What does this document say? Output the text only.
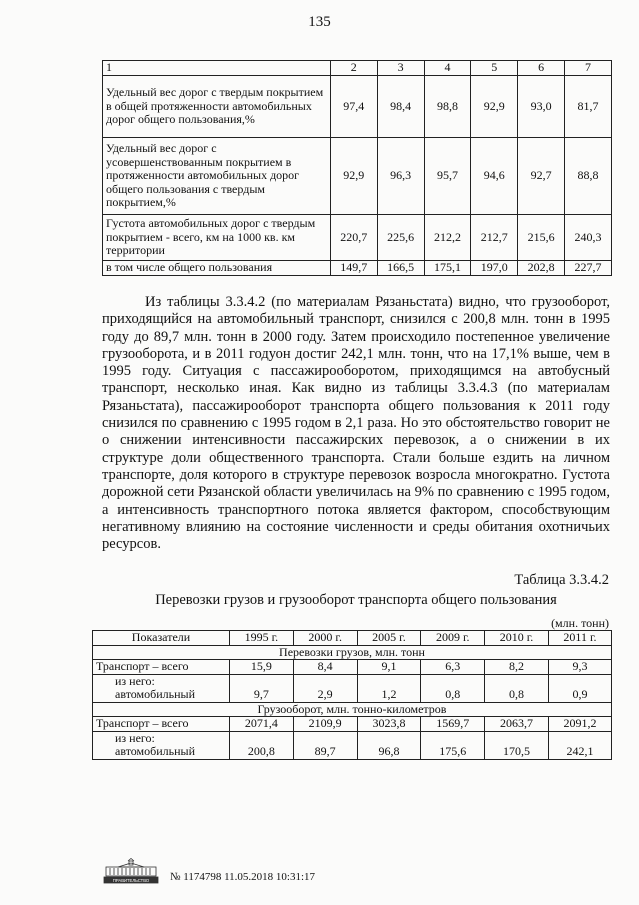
135
1	2	3	4	5	6	7
Удельный вес дорог с твердым покрытием в общей протяженности автомобильных дорог общего пользования,%	97,4	98,4	98,8	92,9	93,0	81,7
Удельный вес дорог с усовершенствованным покрытием в протяженности автомобильных дорог общего пользования с твердым покрытием,%	92,9	96,3	95,7	94,6	92,7	88,8
Густота автомобильных дорог с твердым покрытием - всего, км на 1000 кв. км территории	220,7	225,6	212,2	212,7	215,6	240,3
в том числе общего пользования	149,7	166,5	175,1	197,0	202,8	227,7

Из таблицы 3.3.4.2 (по материалам Рязаньстата) видно, что грузооборот, приходящийся на автомобильный транспорт, снизился с 200,8 млн. тонн в 1995 году до 89,7 млн. тонн в 2000 году. Затем происходило постепенное увеличение грузооборота, и в 2011 годуон достиг 242,1 млн. тонн, что на 17,1% выше, чем в 1995 году. Ситуация с пассажирооборотом, приходящимся на автобусный транспорт, несколько иная. Как видно из таблицы 3.3.4.3 (по материалам Рязаньстата), пассажирооборот транспорта общего пользования к 2011 году снизился по сравнению с 1995 годом в 2,1 раза. Но это обстоятельство говорит не о снижении интенсивности пассажирских перевозок, а о снижении в их структуре доли общественного транспорта. Стали больше ездить на личном транспорте, доля которого в структуре перевозок возросла многократно. Густота дорожной сети Рязанской области увеличилась на 9% по сравнению с 1995 годом, а интенсивность транспортного потока является фактором, способствующим негативному влиянию на состояние численности и среды обитания охотничьих ресурсов.

Таблица 3.3.4.2
Перевозки грузов и грузооборот транспорта общего пользования
(млн. тонн)
Показатели	1995 г.	2000 г.	2005 г.	2009 г.	2010 г.	2011 г.
Перевозки грузов, млн. тонн						
Транспорт – всего	15,9	8,4	9,1	6,3	8,2	9,3

из него:
автомобильный	9,7	2,9	1,2	0,8	0,8	0,9
Грузооборот, млн. тонно-километров						
Транспорт – всего	2071,4	2109,9	3023,8	1569,7	2063,7	2091,2

из него:
автомобильный	200,8	89,7	96,8	175,6	170,5	242,1
ПРАВИТЕЛЬСТВО № 1174798 11.05.2018 10:31:17
